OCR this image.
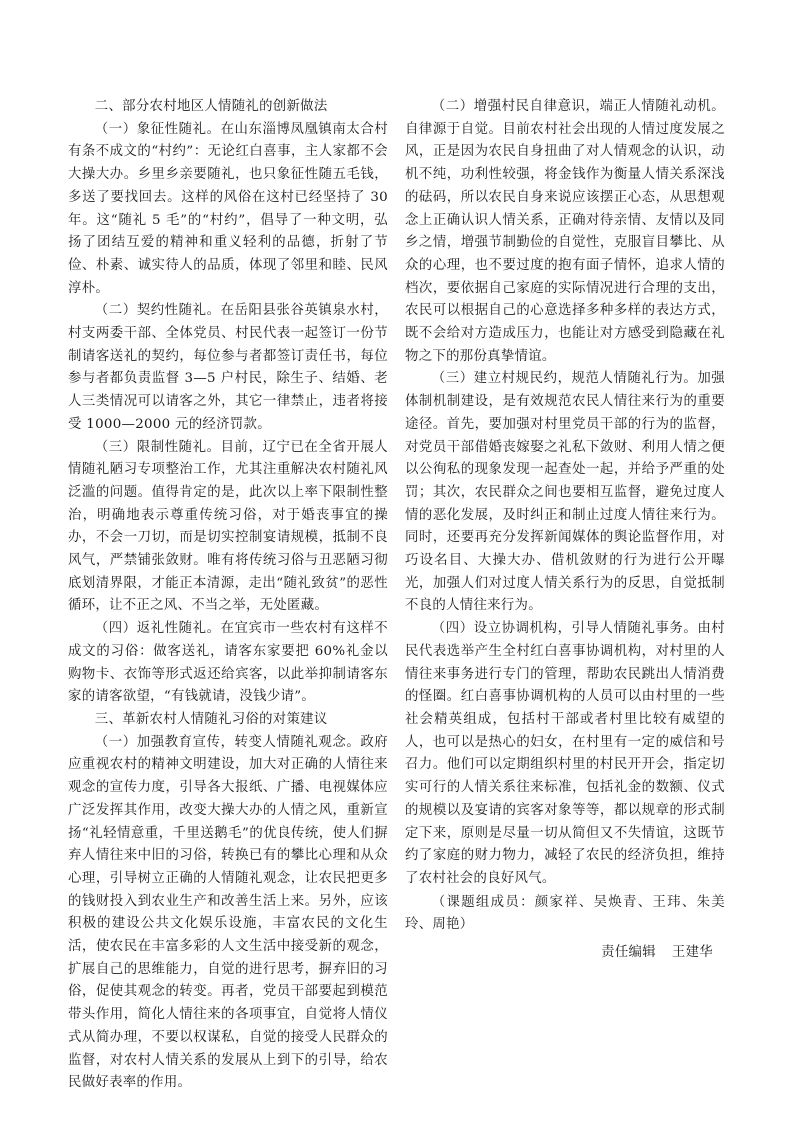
二、部分农村地区人情随礼的创新做法

（一）象征性随礼。在山东淄博凤凰镇南太合村有条不成文的“村约”：无论红白喜事，主人家都不会大操大办。乡里乡亲要随礼，也只象征性随五毛钱，多送了要找回去。这样的风俗在这村已经坚持了 30 年。这“随礼 5 毛”的“村约”，倡导了一种文明，弘扬了团结互爱的精神和重义轻利的品德，折射了节俭、朴素、诚实待人的品质，体现了邻里和睦、民风淳朴。

（二）契约性随礼。在岳阳县张谷英镇泉水村，村支两委干部、全体党员、村民代表一起签订一份节制请客送礼的契约，每位参与者都签订责任书，每位参与者都负责监督 3—5 户村民，除生子、结婚、老人三类情况可以请客之外，其它一律禁止，违者将接受 1000—2000 元的经济罚款。

（三）限制性随礼。目前，辽宁已在全省开展人情随礼陋习专项整治工作，尤其注重解决农村随礼风泛滥的问题。值得肯定的是，此次以上率下限制性整治，明确地表示尊重传统习俗，对于婚丧事宜的操办，不会一刀切，而是切实控制宴请规模，抵制不良风气，严禁铺张敛财。唯有将传统习俗与丑恶陋习彻底划清界限，才能正本清源，走出“随礼致贫”的恶性循环，让不正之风、不当之举，无处匿藏。

（四）返礼性随礼。在宜宾市一些农村有这样不成文的习俗：做客送礼，请客东家要把 60%礼金以购物卡、衣饰等形式返还给宾客，以此举抑制请客东家的请客欲望，“有钱就请，没钱少请”。

三、革新农村人情随礼习俗的对策建议

（一）加强教育宣传，转变人情随礼观念。政府应重视农村的精神文明建设，加大对正确的人情往来观念的宣传力度，引导各大报纸、广播、电视媒体应广泛发挥其作用，改变大操大办的人情之风，重新宣扬“礼轻情意重，千里送鹅毛”的优良传统，使人们摒弃人情往来中旧的习俗，转换已有的攀比心理和从众心理，引导树立正确的人情随礼观念，让农民把更多的钱财投入到农业生产和改善生活上来。另外，应该积极的建设公共文化娱乐设施，丰富农民的文化生活，使农民在丰富多彩的人文生活中接受新的观念，扩展自己的思维能力，自觉的进行思考，摒弃旧的习俗，促使其观念的转变。再者，党员干部要起到模范带头作用，简化人情往来的各项事宜，自觉将人情仪式从简办理，不要以权谋私，自觉的接受人民群众的监督，对农村人情关系的发展从上到下的引导，给农民做好表率的作用。

（二）增强村民自律意识，端正人情随礼动机。自律源于自觉。目前农村社会出现的人情过度发展之风，正是因为农民自身扭曲了对人情观念的认识，动机不纯，功利性较强，将金钱作为衡量人情关系深浅的砝码，所以农民自身来说应该摆正心态，从思想观念上正确认识人情关系，正确对待亲情、友情以及同乡之情，增强节制勤俭的自觉性，克服盲目攀比、从众的心理，也不要过度的抱有面子情怀，追求人情的档次，要依据自己家庭的实际情况进行合理的支出，农民可以根据自己的心意选择多种多样的表达方式，既不会给对方造成压力，也能让对方感受到隐藏在礼物之下的那份真挚情谊。

（三）建立村规民约，规范人情随礼行为。加强体制机制建设，是有效规范农民人情往来行为的重要途径。首先，要加强对村里党员干部的行为的监督，对党员干部借婚丧嫁娶之礼私下敛财、利用人情之便以公徇私的现象发现一起查处一起，并给予严重的处罚；其次，农民群众之间也要相互监督，避免过度人情的恶化发展，及时纠正和制止过度人情往来行为。同时，还要再充分发挥新闻媒体的舆论监督作用，对巧设名目、大操大办、借机敛财的行为进行公开曝光，加强人们对过度人情关系行为的反思，自觉抵制不良的人情往来行为。

（四）设立协调机构，引导人情随礼事务。由村民代表选举产生全村红白喜事协调机构，对村里的人情往来事务进行专门的管理，帮助农民跳出人情消费的怪圈。红白喜事协调机构的人员可以由村里的一些社会精英组成，包括村干部或者村里比较有威望的人，也可以是热心的妇女，在村里有一定的威信和号召力。他们可以定期组织村里的村民开开会，指定切实可行的人情关系往来标准，包括礼金的数额、仪式的规模以及宴请的宾客对象等等，都以规章的形式制定下来，原则是尽量一切从简但又不失情谊，这既节约了家庭的财力物力，减轻了农民的经济负担，维持了农村社会的良好风气。

（课题组成员：颜家祥、吴焕青、王玮、朱美玲、周艳）

责任编辑 王建华
